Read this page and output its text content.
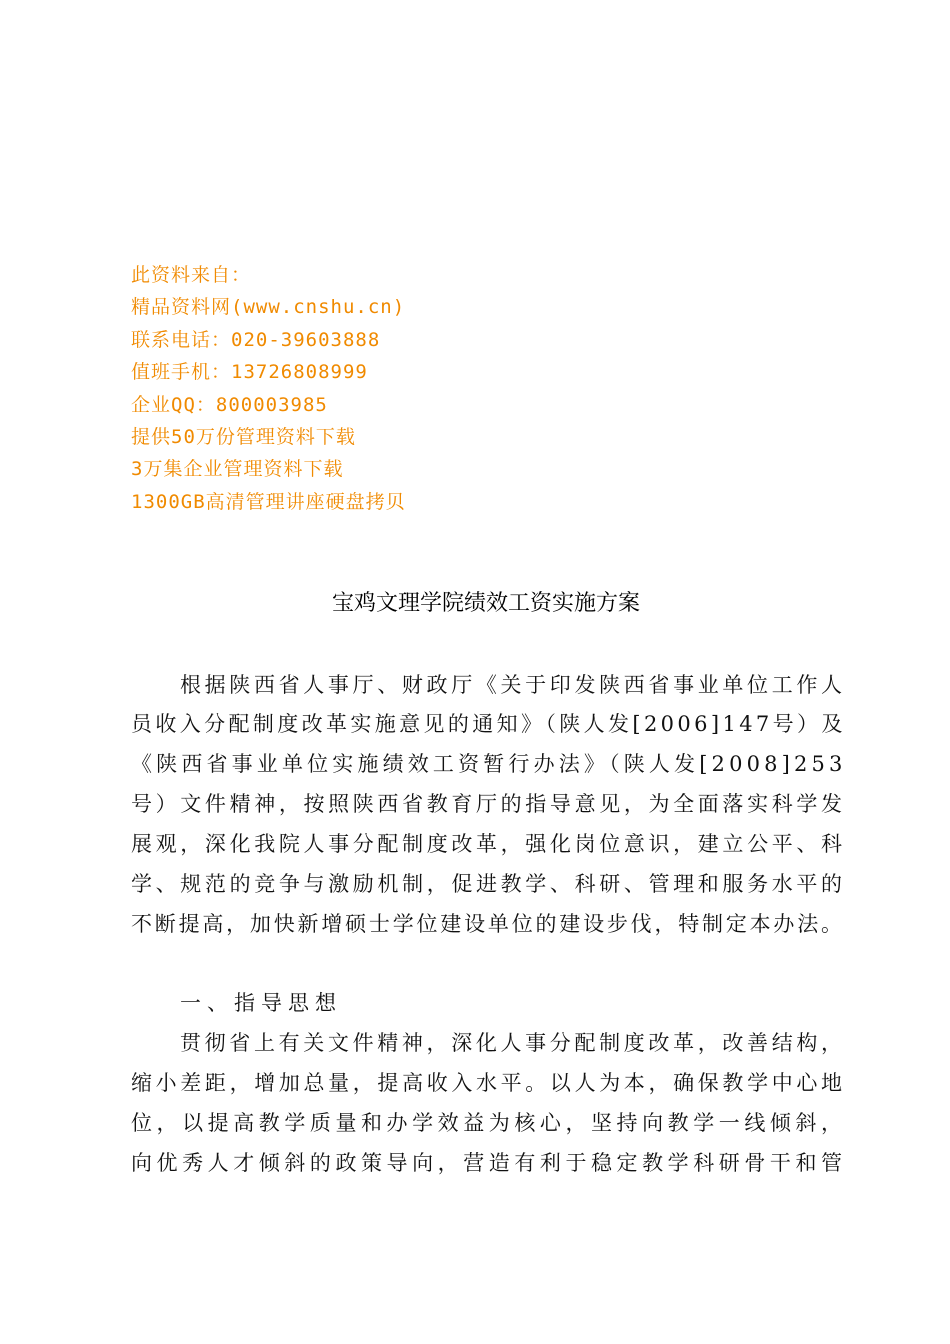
此资料来自：
精品资料网(www.cnshu.cn)
联系电话：020-39603888
值班手机：13726808999
企业QQ：800003985
提供50万份管理资料下载
3万集企业管理资料下载
1300GB高清管理讲座硬盘拷贝
宝鸡文理学院绩效工资实施方案
根据陕西省人事厅、财政厅《关于印发陕西省事业单位工作人
员收入分配制度改革实施意见的通知》（陕人发[2006]147号）及
《陕西省事业单位实施绩效工资暂行办法》（陕人发[2008]253
号）文件精神，按照陕西省教育厅的指导意见，为全面落实科学发
展观，深化我院人事分配制度改革，强化岗位意识，建立公平、科
学、规范的竞争与激励机制，促进教学、科研、管理和服务水平的
不断提高，加快新增硕士学位建设单位的建设步伐，特制定本办法。
一、指导思想
贯彻省上有关文件精神，深化人事分配制度改革，改善结构，
缩小差距，增加总量，提高收入水平。以人为本，确保教学中心地
位，以提高教学质量和办学效益为核心，坚持向教学一线倾斜，
向优秀人才倾斜的政策导向，营造有利于稳定教学科研骨干和管
